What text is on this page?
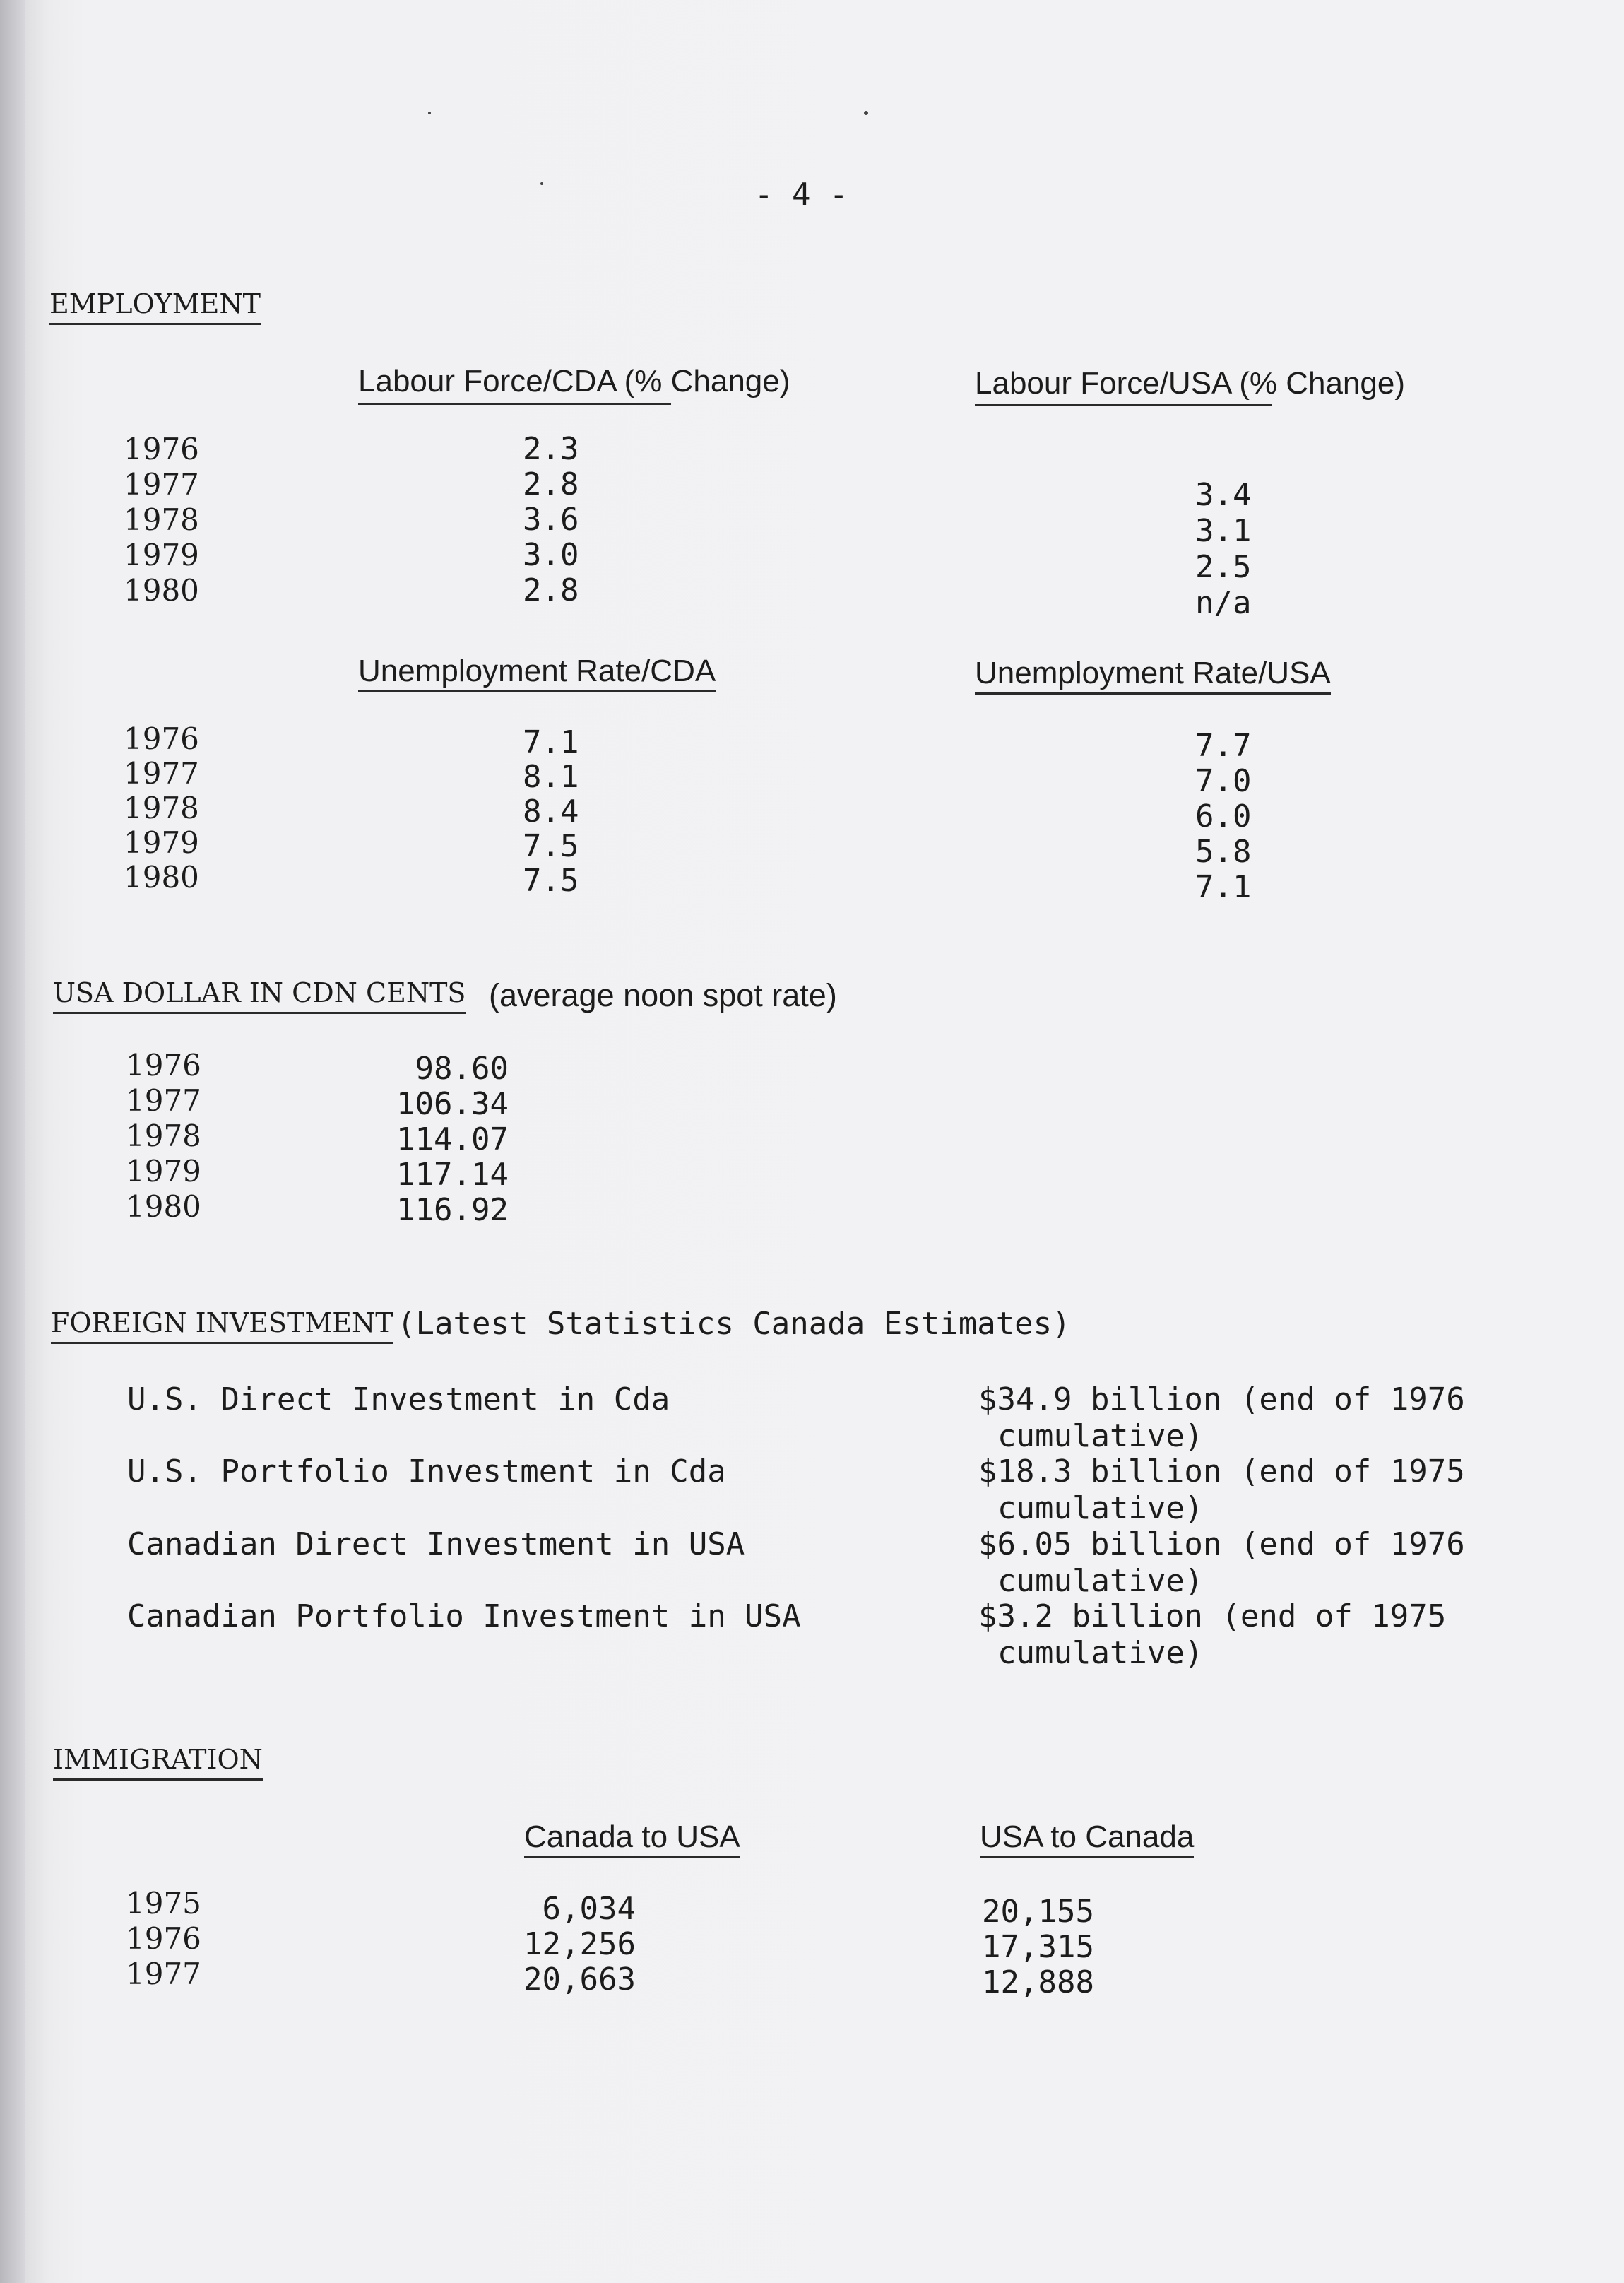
- 4 -
EMPLOYMENT
Labour Force/CDA (% Change)	Labour Force/USA (% Change)
1976	2.3
1977	2.8	3.4
1978	3.6	3.1
1979	3.0	2.5
1980	2.8	n/a
Unemployment Rate/CDA	Unemployment Rate/USA
1976	7.1	7.7
1977	8.1	7.0
1978	8.4	6.0
1979	7.5	5.8
1980	7.5	7.1
USA DOLLAR IN CDN CENTS (average noon spot rate)
1976	98.60
1977	106.34
1978	114.07
1979	117.14
1980	116.92
FOREIGN INVESTMENT (Latest Statistics Canada Estimates)
U.S. Direct Investment in Cda	$34.9 billion (end of 1976
cumulative)
U.S. Portfolio Investment in Cda	$18.3 billion (end of 1975
cumulative)
Canadian Direct Investment in USA	$6.05 billion (end of 1976
cumulative)
Canadian Portfolio Investment in USA	$3.2 billion (end of 1975
cumulative)
IMMIGRATION
Canada to USA	USA to Canada
1975	6,034	20,155
1976	12,256	17,315
1977	20,663	12,888
